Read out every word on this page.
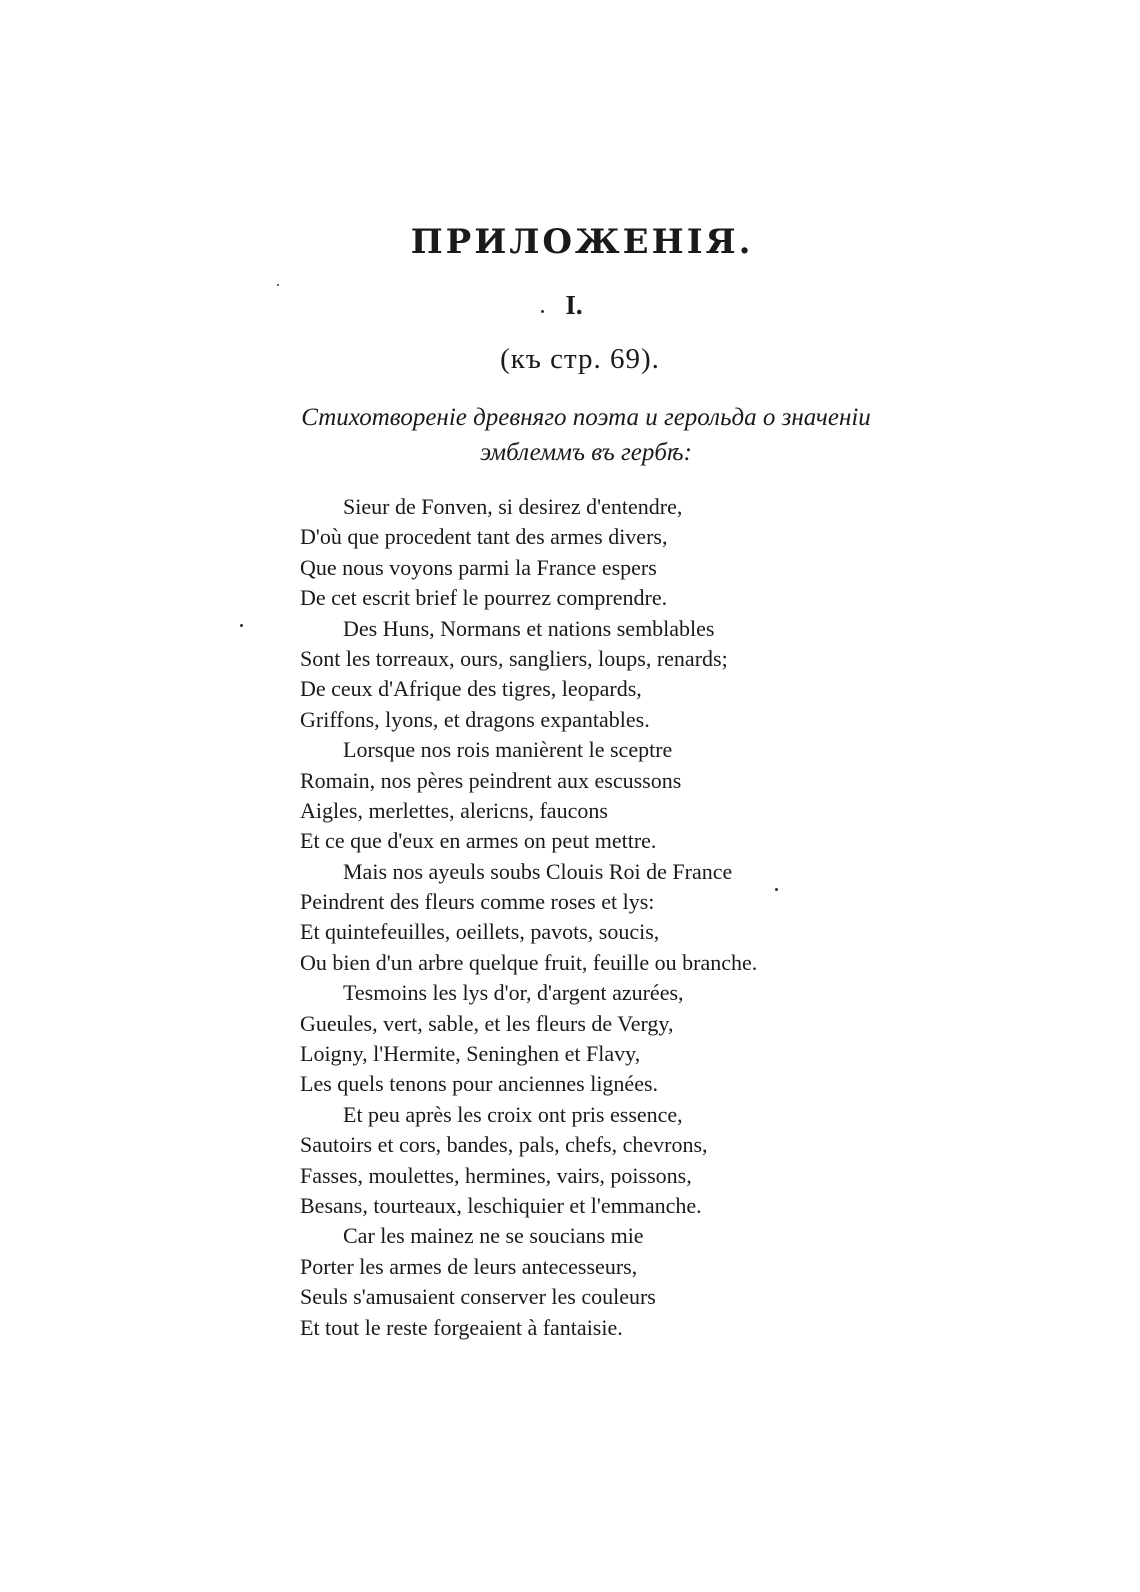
ПРИЛОЖЕНІЯ.
I.
(къ стр. 69).
Стихотвореніе древняго поэта и герольда о значеніи
эмблеммъ въ гербѣ:
Sieur de Fonven, si desirez d'entendre,
D'où que procedent tant des armes divers,
Que nous voyons parmi la France espers
De cet escrit brief le pourrez comprendre.
Des Huns, Normans et nations semblables
Sont les torreaux, ours, sangliers, loups, renards;
De ceux d'Afrique des tigres, leopards,
Griffons, lyons, et dragons expantables.
Lorsque nos rois manièrent le sceptre
Romain, nos pères peindrent aux escussons
Aigles, merlettes, alericns, faucons
Et ce que d'eux en armes on peut mettre.
Mais nos ayeuls soubs Clouis Roi de France
Peindrent des fleurs comme roses et lys:
Et quintefeuilles, oeillets, pavots, soucis,
Ou bien d'un arbre quelque fruit, feuille ou branche.
Tesmoins les lys d'or, d'argent azurées,
Gueules, vert, sable, et les fleurs de Vergy,
Loigny, l'Hermite, Seninghen et Flavy,
Les quels tenons pour anciennes lignées.
Et peu après les croix ont pris essence,
Sautoirs et cors, bandes, pals, chefs, chevrons,
Fasses, moulettes, hermines, vairs, poissons,
Besans, tourteaux, leschiquier et l'emmanche.
Car les mainez ne se soucians mie
Porter les armes de leurs antecesseurs,
Seuls s'amusaient conserver les couleurs
Et tout le reste forgeaient à fantaisie.
